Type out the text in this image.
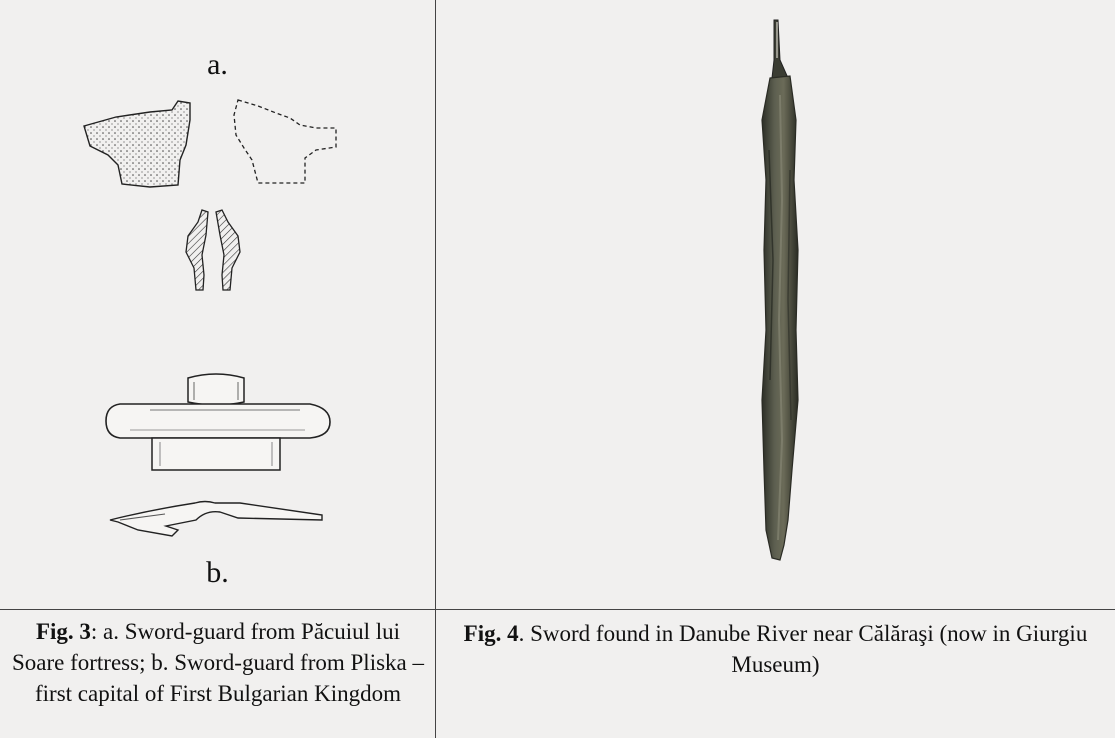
a.
b.
Fig. 3: a. Sword-guard from Păcuiul lui Soare fortress; b. Sword-guard from Pliska – first capital of First Bulgarian Kingdom
Fig. 4. Sword found in Danube River near Călăraşi (now in Giurgiu Museum)
